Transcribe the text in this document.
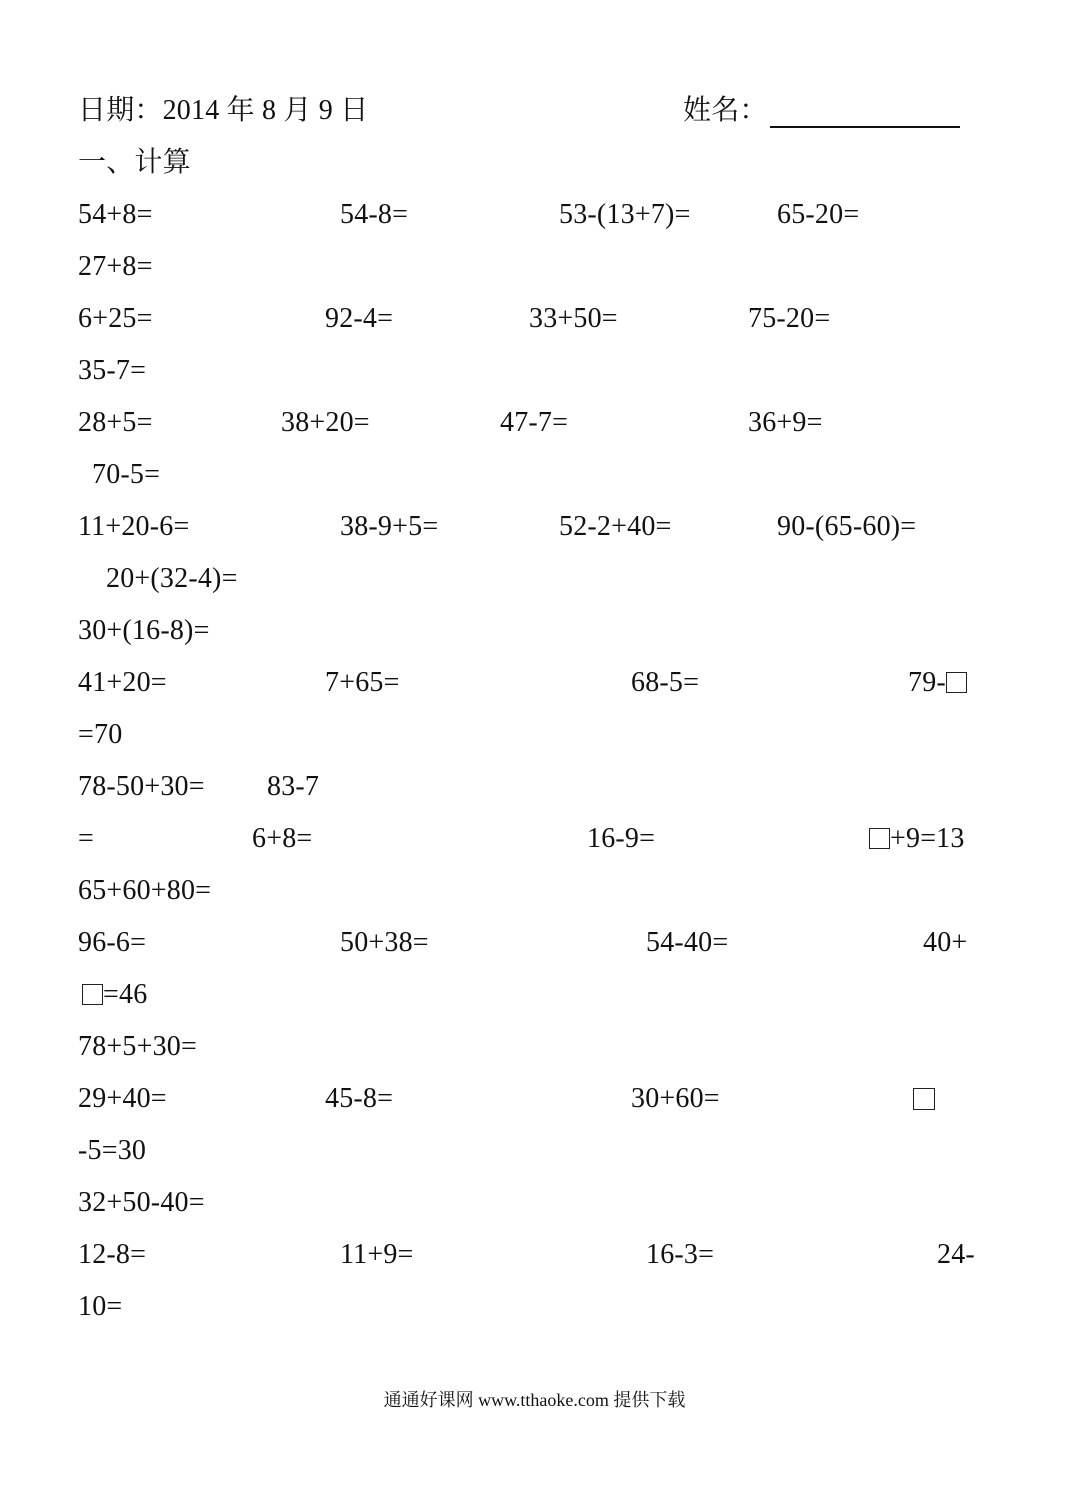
日期：2014 年 8 月 9 日	姓名：
一、计算
54+8=	54-8=	53-(13+7)=	65-20=
27+8=
6+25=	92-4=	33+50=	75-20=
35-7=
28+5=	38+20=	47-7=	36+9=
70-5=
11+20-6=	38-9+5=	52-2+40=	90-(65-60)=
20+(32-4)=
30+(16-8)=
41+20=	7+65=	68-5=	79-
=70
78-50+30= 83-7
=	6+8=	16-9=	+9=13
65+60+80=
96-6=	50+38=	54-40=	40+
=46
78+5+30=
29+40=	45-8=	30+60=
-5=30
32+50-40=
12-8=	11+9=	16-3=	24-
10=
通通好课网 www.tthaoke.com 提供下载
